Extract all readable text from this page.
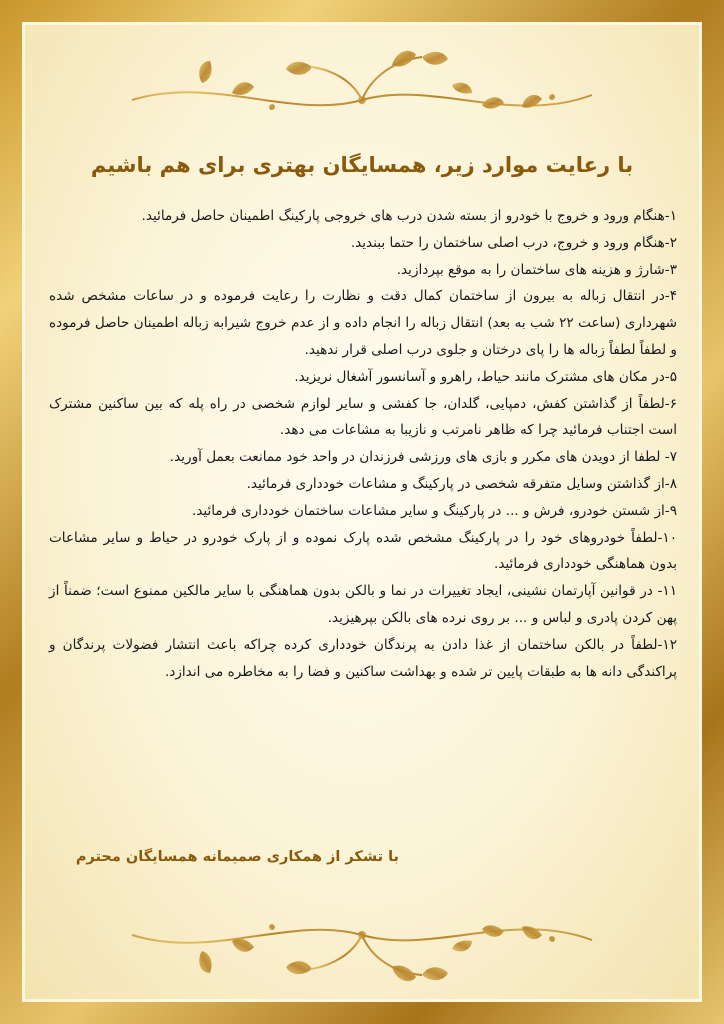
با رعایت موارد زیر، همسایگان بهتری برای هم باشیم

۱-هنگام ورود و خروج با خودرو از بسته شدن درب های خروجی پارکینگ اطمینان حاصل فرمائید.

۲-هنگام ورود و خروج، درب اصلی ساختمان را حتما ببندید.

۳-شارژ و هزینه های ساختمان را به موقع بپردازید.

۴-در انتقال زباله به بیرون از ساختمان کمال دقت و نظارت را رعایت فرموده و در ساعات مشخص شده شهرداری (ساعت ۲۲ شب به بعد) انتقال زباله را انجام داده و از عدم خروج شیرابه زباله اطمینان حاصل فرموده و لطفاً لطفاً زباله ها را پای درختان و جلوی درب اصلی قرار ندهید.

۵-در مکان های مشترک مانند حیاط، راهرو و آسانسور آشغال نریزید.

۶-لطفاً از گذاشتن کفش، دمپایی، گلدان، جا کفشی و سایر لوازم شخصی در راه پله که بین ساکنین مشترک است اجتناب فرمائید چرا که ظاهر نامرتب و نازیبا به مشاعات می دهد.

۷- لطفا از دویدن های مکرر و بازی های ورزشی فرزندان در واحد خود ممانعت بعمل آورید.

۸-از گذاشتن وسایل متفرقه شخصی در پارکینگ و مشاعات خودداری فرمائید.

۹-از شستن خودرو، فرش و ... در پارکینگ و سایر مشاعات ساختمان خودداری فرمائید.

۱۰-لطفاً خودروهای خود را در پارکینگ مشخص شده پارک نموده و از پارک خودرو در حیاط و سایر مشاعات بدون هماهنگی خودداری فرمائید.

۱۱- در قوانین آپارتمان نشینی، ایجاد تغییرات در نما و بالکن بدون هماهنگی با سایر مالکین ممنوع است؛ ضمناً از پهن کردن پادری و لباس و ... بر روی نرده های بالکن بپرهیزید.

۱۲-لطفاً در بالکن ساختمان از غذا دادن به پرندگان خودداری کرده چراکه باعث انتشار فضولات پرندگان و پراکندگی دانه ها به طبقات پایین تر شده و بهداشت ساکنین و فضا را به مخاطره می اندازد.

با تشکر از همکاری صمیمانه همسایگان محترم
